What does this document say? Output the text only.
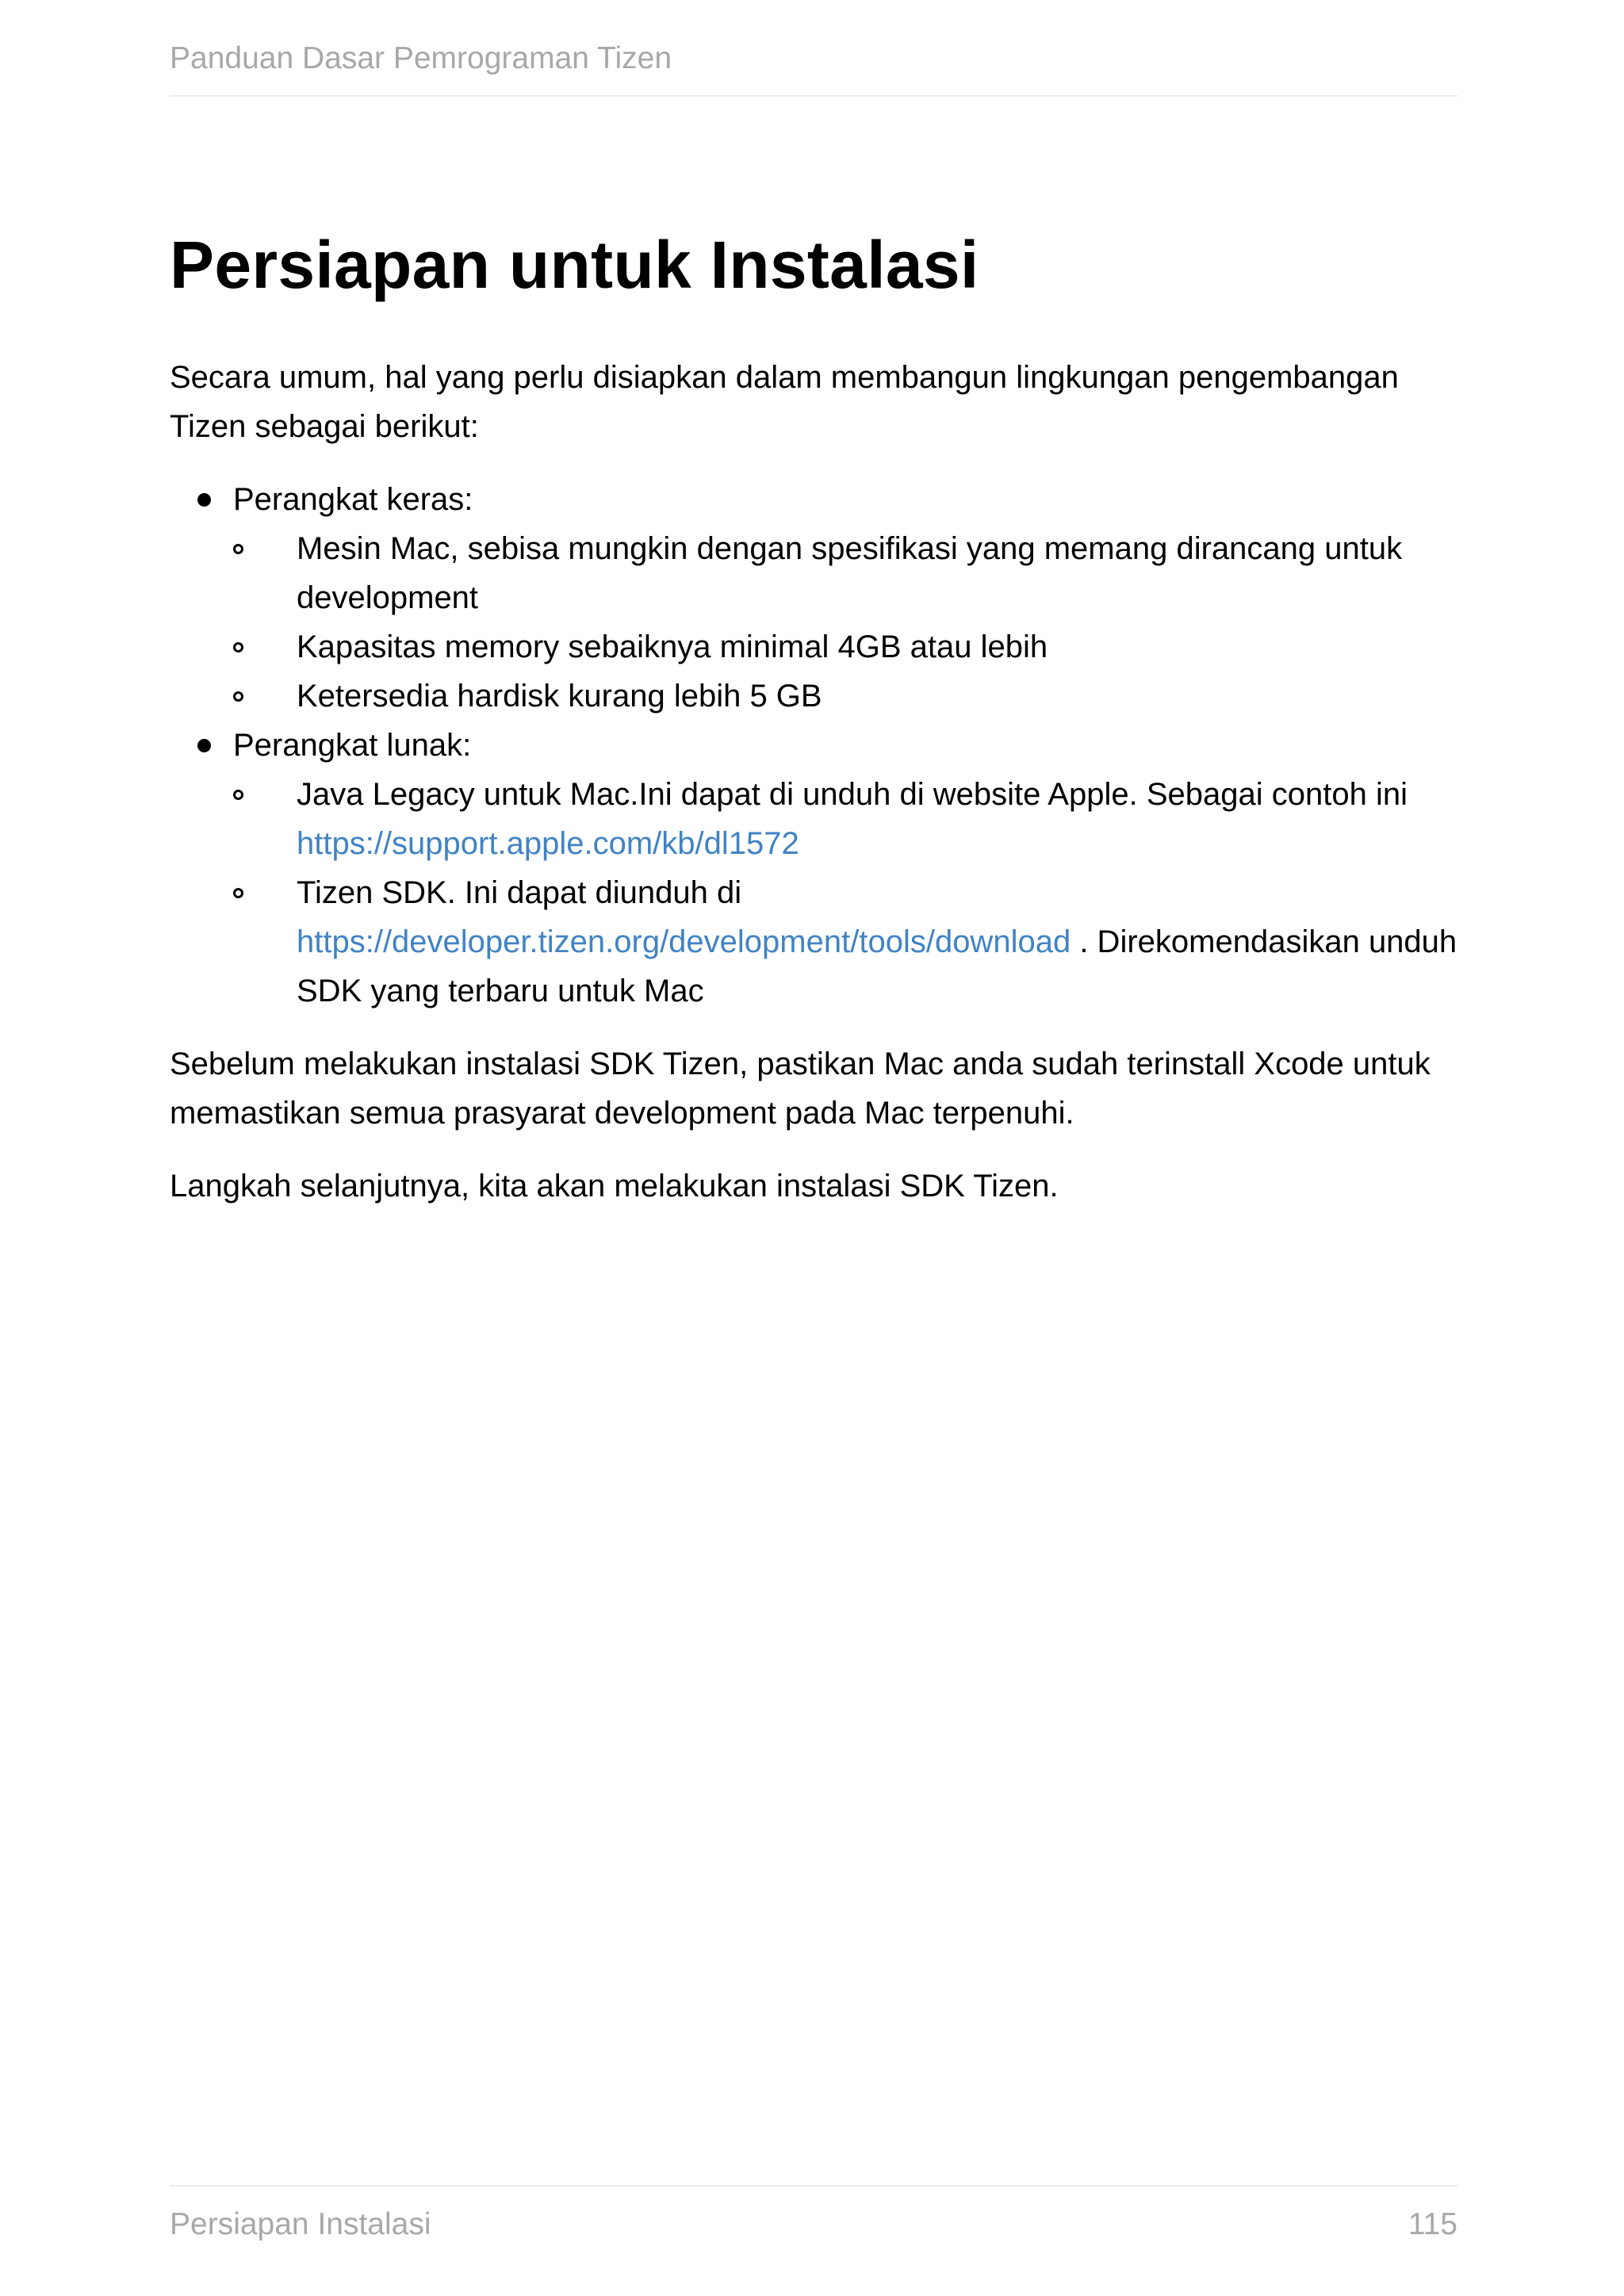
Panduan Dasar Pemrograman Tizen
Persiapan untuk Instalasi

Secara umum, hal yang perlu disiapkan dalam membangun lingkungan pengembangan Tizen sebagai berikut:

Perangkat keras:
Mesin Mac, sebisa mungkin dengan spesifikasi yang memang dirancang untuk development
Kapasitas memory sebaiknya minimal 4GB atau lebih
Ketersedia hardisk kurang lebih 5 GB
Perangkat lunak:
Java Legacy untuk Mac.Ini dapat di unduh di website Apple. Sebagai contoh ini https://support.apple.com/kb/dl1572
Tizen SDK. Ini dapat diunduh di https://developer.tizen.org/development/tools/download . Direkomendasikan unduh SDK yang terbaru untuk Mac

Sebelum melakukan instalasi SDK Tizen, pastikan Mac anda sudah terinstall Xcode untuk memastikan semua prasyarat development pada Mac terpenuhi.

Langkah selanjutnya, kita akan melakukan instalasi SDK Tizen.

Persiapan Instalasi	115
